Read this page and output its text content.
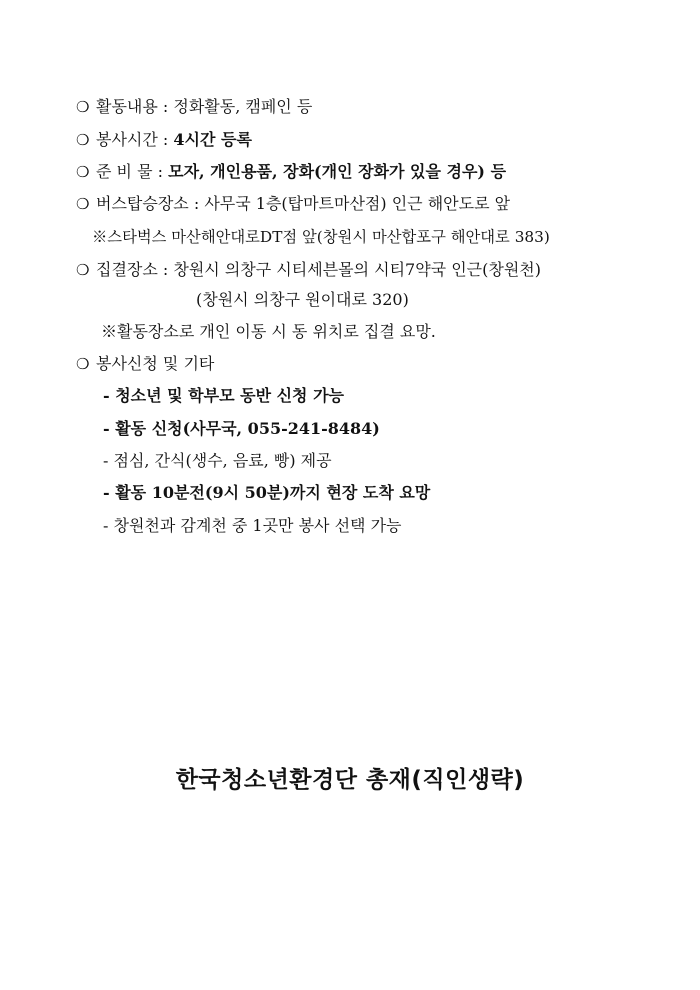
❍ 활동내용 : 정화활동, 캠페인 등
❍ 봉사시간 : 4시간 등록
❍ 준 비 물 : 모자, 개인용품, 장화(개인 장화가 있을 경우) 등
❍ 버스탑승장소 : 사무국 1층(탑마트마산점) 인근 해안도로 앞
※스타벅스 마산해안대로DT점 앞(창원시 마산합포구 해안대로 383)
❍ 집결장소 : 창원시 의창구 시티세븐몰의 시티7약국 인근(창원천)
(창원시 의창구 원이대로 320)
※활동장소로 개인 이동 시 동 위치로 집결 요망.
❍ 봉사신청 및 기타
- 청소년 및 학부모 동반 신청 가능
- 활동 신청(사무국, 055-241-8484)
- 점심, 간식(생수, 음료, 빵) 제공
- 활동 10분전(9시 50분)까지 현장 도착 요망
- 창원천과 감계천 중 1곳만 봉사 선택 가능
한국청소년환경단 총재(직인생략)
